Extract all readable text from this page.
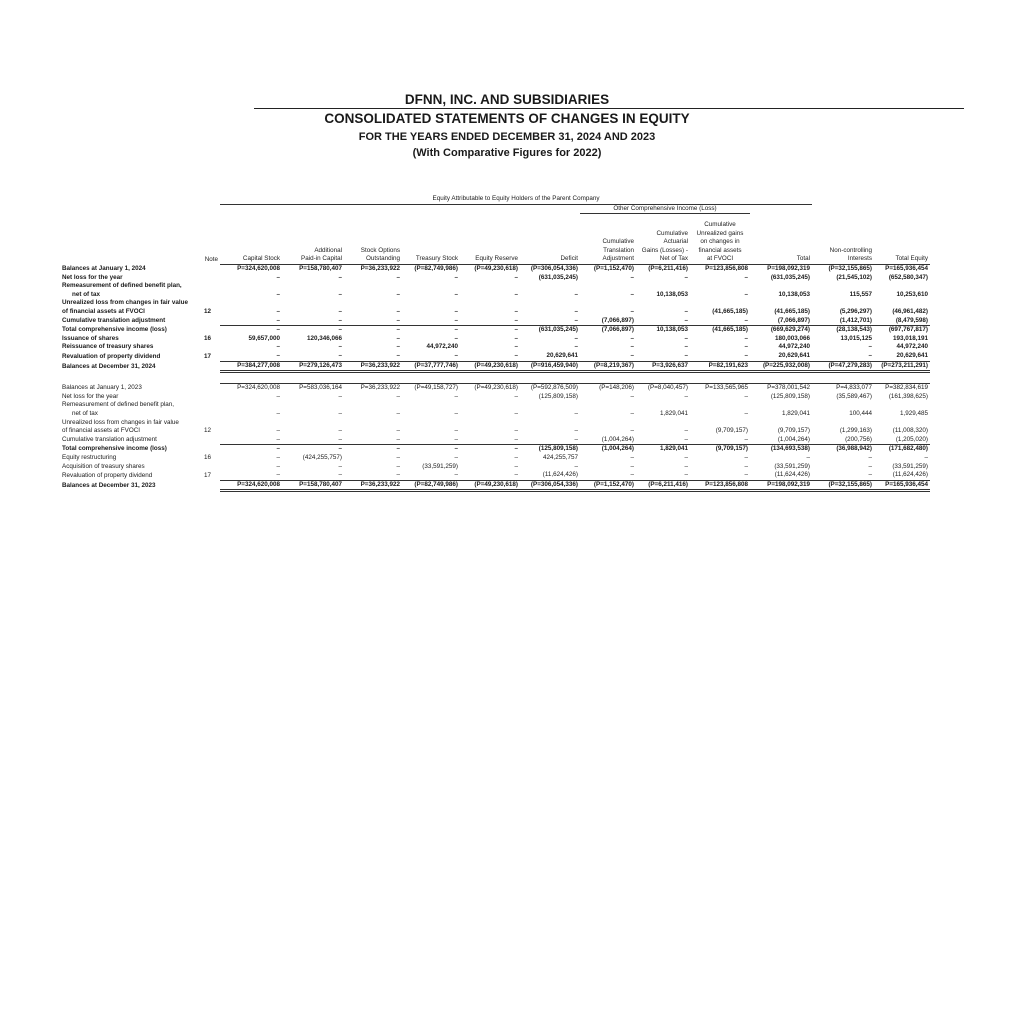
DFNN, INC. AND SUBSIDIARIES
CONSOLIDATED STATEMENTS OF CHANGES IN EQUITY
FOR THE YEARS ENDED DECEMBER 31, 2024 AND 2023
(With Comparative Figures for 2022)
		Equity Attributable to Equity Holders of the Parent Company												
								Other Comprehensive Income (Loss)						
										Cumulative				
									Cumulative	Unrealized gains				
								Cumulative	Actuarial	on changes in				
			Additional	Stock Options				Translation	Gains (Losses) -	financial assets		Non-controlling		
	Note	Capital Stock	Paid-in Capital	Outstanding	Treasury Stock	Equity Reserve	Deficit	Adjustment	Net of Tax	at FVOCI	Total	Interests	Total Equity	
Balances at January 1, 2024		P=324,620,008	P=158,780,407	P=36,233,922	(P=82,749,986)	(P=49,230,618)	(P=306,054,336)	(P=1,152,470)	(P=6,211,416)	P=123,856,808	P=198,092,319	(P=32,155,865)	P=165,936,454	
Net loss for the year		–	–	–	–	–	(631,035,245)	–	–	–	(631,035,245)	(21,545,102)	(652,580,347)	
Remeasurement of defined benefit plan,														
net of tax		–	–	–	–	–	–	–	10,138,053	–	10,138,053	115,557	10,253,610	
Unrealized loss from changes in fair value														
of financial assets at FVOCI	12	–	–	–	–	–	–	–	–	(41,665,185)	(41,665,185)	(5,296,297)	(46,961,482)	
Cumulative translation adjustment		–	–	–	–	–	–	(7,066,897)	–	–	(7,066,897)	(1,412,701)	(8,479,598)	
Total comprehensive income (loss)		–	–	–	–	–	(631,035,245)	(7,066,897)	10,138,053	(41,665,185)	(669,629,274)	(28,138,543)	(697,767,817)	
Issuance of shares	16	59,657,000	120,346,066	–	–	–	–	–	–	–	180,003,066	13,015,125	193,018,191	
Reissuance of treasury shares		–	–	–	44,972,240	–	–	–	–	–	44,972,240	–	44,972,240	
Revaluation of property dividend	17	–	–	–	–	–	20,629,641	–	–	–	20,629,641	–	20,629,641	
Balances at December 31, 2024		P=384,277,008	P=279,126,473	P=36,233,922	(P=37,777,746)	(P=49,230,618)	(P=916,459,940)	(P=8,219,367)	P=3,926,637	P=82,191,623	(P=225,932,008)	(P=47,279,283)	(P=273,211,291)	

Balances at January 1, 2023		P=324,620,008	P=583,036,164	P=36,233,922	(P=49,158,727)	(P=49,230,618)	(P=592,876,509)	(P=148,206)	(P=8,040,457)	P=133,565,965	P=378,001,542	P=4,833,077	P=382,834,619	
Net loss for the year		–	–	–	–	–	(125,809,158)	–	–	–	(125,809,158)	(35,589,467)	(161,398,625)	
Remeasurement of defined benefit plan,														
net of tax		–	–	–	–	–	–	–	1,829,041	–	1,829,041	100,444	1,929,485	
Unrealized loss from changes in fair value														
of financial assets at FVOCI	12	–	–	–	–	–	–	–	–	(9,709,157)	(9,709,157)	(1,299,163)	(11,008,320)	
Cumulative translation adjustment		–	–	–	–	–	–	(1,004,264)	–	–	(1,004,264)	(200,756)	(1,205,020)	
Total comprehensive income (loss)		–	–	–	–	–	(125,809,158)	(1,004,264)	1,829,041	(9,709,157)	(134,693,538)	(36,988,942)	(171,682,480)	
Equity restructuring	16	–	(424,255,757)	–	–	–	424,255,757	–	–	–	–	–	–	
Acquisition of treasury shares		–	–	–	(33,591,259)	–	–	–	–	–	(33,591,259)	–	(33,591,259)	
Revaluation of property dividend	17	–	–	–	–	–	(11,624,426)	–	–	–	(11,624,426)	–	(11,624,426)	
Balances at December 31, 2023		P=324,620,008	P=158,780,407	P=36,233,922	(P=82,749,986)	(P=49,230,618)	(P=306,054,336)	(P=1,152,470)	(P=6,211,416)	P=123,856,808	P=198,092,319	(P=32,155,865)	P=165,936,454	
